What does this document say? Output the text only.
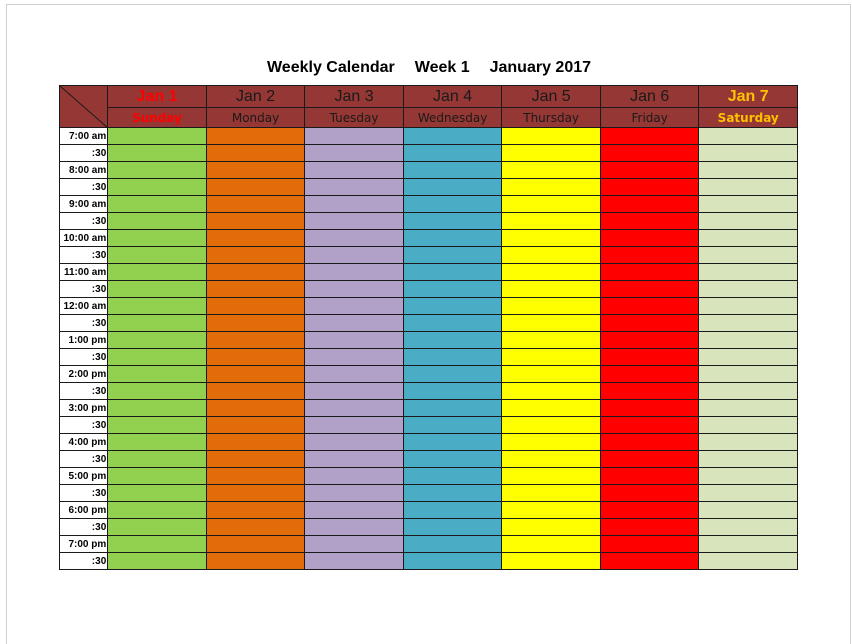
Weekly Calendar Week 1 January 2017
	Jan 1	Jan 2	Jan 3	Jan 4	Jan 5	Jan 6	Jan 7
	Sunday	Monday	Tuesday	Wednesday	Thursday	Friday	Saturday
7:00 am							
:30							
8:00 am							
:30							
9:00 am							
:30							
10:00 am							
:30							
11:00 am							
:30							
12:00 am							
:30							
1:00 pm							
:30							
2:00 pm							
:30							
3:00 pm							
:30							
4:00 pm							
:30							
5:00 pm							
:30							
6:00 pm							
:30							
7:00 pm							
:30							
